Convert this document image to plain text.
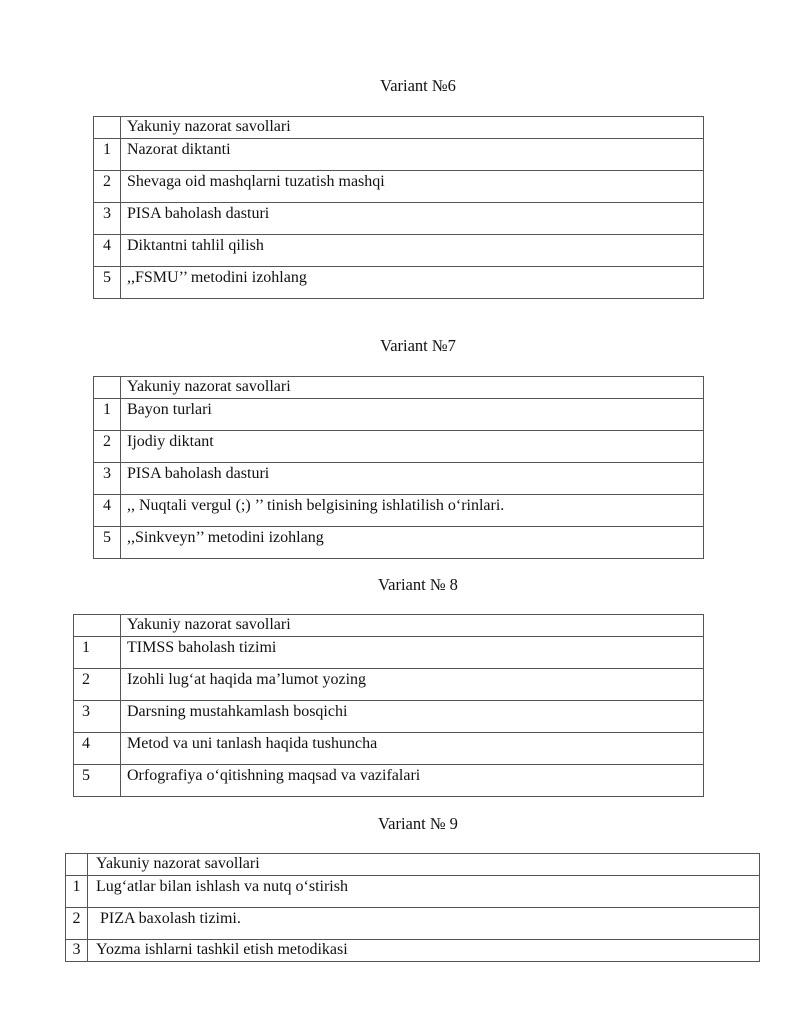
Variant №6
	Yakuniy nazorat savollari
1	Nazorat diktanti
2	Shevaga oid mashqlarni tuzatish mashqi
3	PISA baholash dasturi
4	Diktantni tahlil qilish
5	,,FSMU’’ metodini izohlang
Variant №7
	Yakuniy nazorat savollari
1	Bayon turlari
2	Ijodiy diktant
3	PISA baholash dasturi
4	,, Nuqtali vergul (;) ’’ tinish belgisining ishlatilish o‘rinlari.
5	,,Sinkveyn’’ metodini izohlang
Variant № 8
	Yakuniy nazorat savollari
1	TIMSS baholash tizimi
2	Izohli lug‘at haqida ma’lumot yozing
3	Darsning mustahkamlash bosqichi
4	Metod va uni tanlash haqida tushuncha
5	Orfografiya o‘qitishning maqsad va vazifalari
Variant № 9
	Yakuniy nazorat savollari
1	Lug‘atlar bilan ishlash va nutq o‘stirish
2	PIZA baxolash tizimi.
3	Yozma ishlarni tashkil etish metodikasi
